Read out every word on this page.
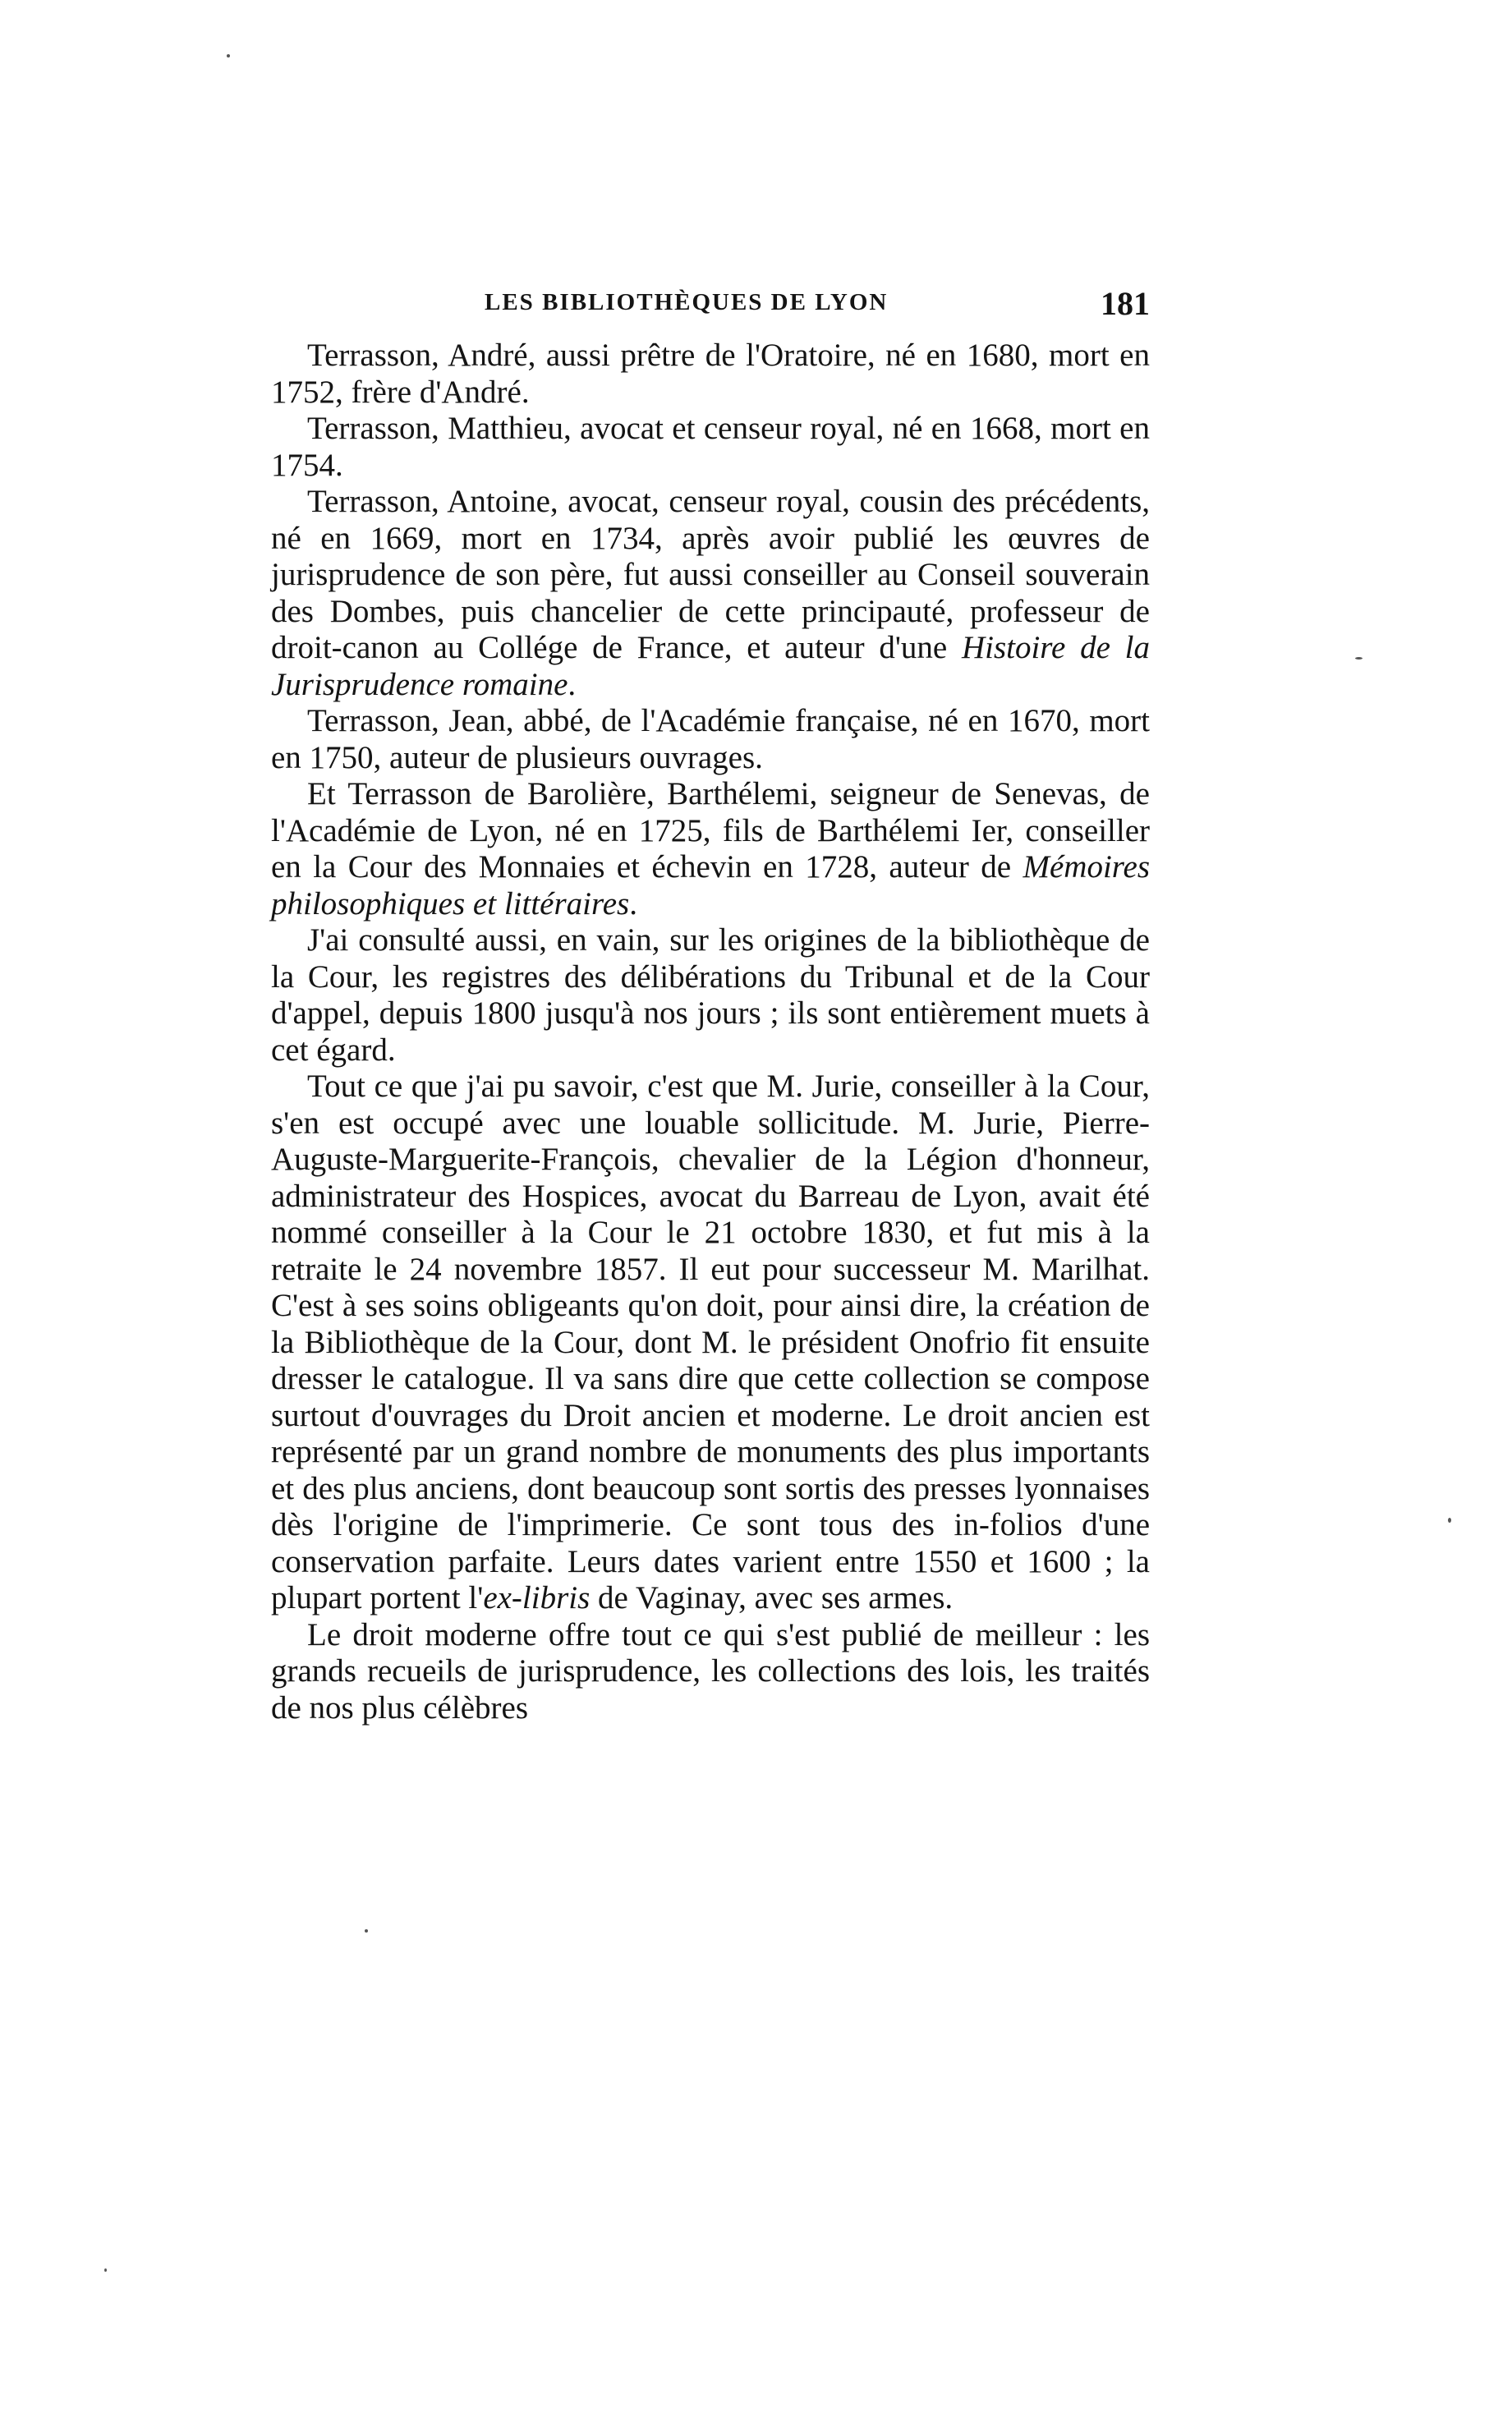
LES BIBLIOTHÈQUES DE LYON	181

Terrasson, André, aussi prêtre de l'Oratoire, né en 1680, mort en 1752, frère d'André.

Terrasson, Matthieu, avocat et censeur royal, né en 1668, mort en 1754.

Terrasson, Antoine, avocat, censeur royal, cousin des précédents, né en 1669, mort en 1734, après avoir publié les œuvres de jurisprudence de son père, fut aussi conseiller au Conseil souverain des Dombes, puis chancelier de cette principauté, professeur de droit-canon au Collége de France, et auteur d'une Histoire de la Jurisprudence romaine.

Terrasson, Jean, abbé, de l'Académie française, né en 1670, mort en 1750, auteur de plusieurs ouvrages.

Et Terrasson de Barolière, Barthélemi, seigneur de Senevas, de l'Académie de Lyon, né en 1725, fils de Barthélemi Ier, conseiller en la Cour des Monnaies et échevin en 1728, auteur de Mémoires philosophiques et littéraires.

J'ai consulté aussi, en vain, sur les origines de la bibliothèque de la Cour, les registres des délibérations du Tribunal et de la Cour d'appel, depuis 1800 jusqu'à nos jours ; ils sont entièrement muets à cet égard.

Tout ce que j'ai pu savoir, c'est que M. Jurie, conseiller à la Cour, s'en est occupé avec une louable sollicitude. M. Jurie, Pierre-Auguste-Marguerite-François, chevalier de la Légion d'honneur, administrateur des Hospices, avocat du Barreau de Lyon, avait été nommé conseiller à la Cour le 21 octobre 1830, et fut mis à la retraite le 24 novembre 1857. Il eut pour successeur M. Marilhat. C'est à ses soins obligeants qu'on doit, pour ainsi dire, la création de la Bibliothèque de la Cour, dont M. le président Onofrio fit ensuite dresser le catalogue. Il va sans dire que cette collection se compose surtout d'ouvrages du Droit ancien et moderne. Le droit ancien est représenté par un grand nombre de monuments des plus importants et des plus anciens, dont beaucoup sont sortis des presses lyonnaises dès l'origine de l'imprimerie. Ce sont tous des in-folios d'une conservation parfaite. Leurs dates varient entre 1550 et 1600 ; la plupart portent l'ex-libris de Vaginay, avec ses armes.

Le droit moderne offre tout ce qui s'est publié de meilleur : les grands recueils de jurisprudence, les collections des lois, les traités de nos plus célèbres
